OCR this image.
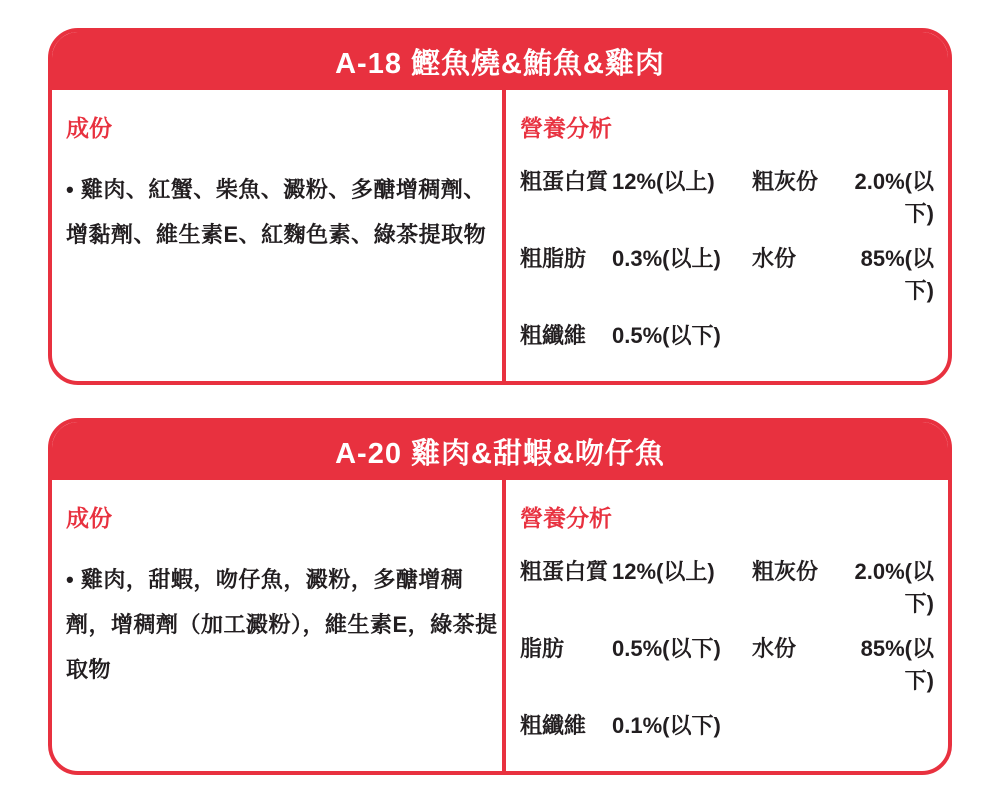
A-18 鰹魚燒&鮪魚&雞肉
成份

• 雞肉、紅蟹、柴魚、澱粉、多醣增稠劑、增黏劑、維生素E、紅麴色素、綠茶提取物

營養分析
粗蛋白質 12%(以上)	粗灰份	2.0%(以下)
粗脂肪	0.3%(以上)	水份	85%(以下)
粗纖維	0.5%(以下)
A-20 雞肉&甜蝦&吻仔魚
成份

• 雞肉，甜蝦，吻仔魚，澱粉，多醣增稠劑，增稠劑（加工澱粉），維生素E，綠茶提取物

營養分析
粗蛋白質 12%(以上)	粗灰份	2.0%(以下)
脂肪	0.5%(以下)	水份	85%(以下)
粗纖維	0.1%(以下)
